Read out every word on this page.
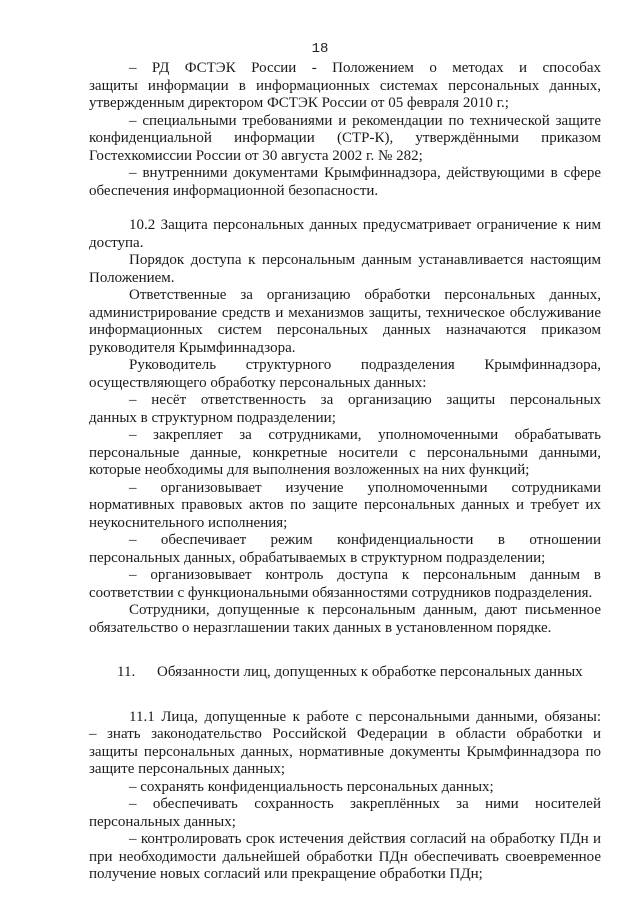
18

– РД ФСТЭК России - Положением о методах и способах

защиты информации в информационных системах персональных данных,

утвержденным директором ФСТЭК России от 05 февраля 2010 г.;

– специальными требованиями и рекомендации по технической защите

конфиденциальной информации (СТР-К), утверждёнными приказом

Гостехкомиссии России от 30 августа 2002 г. № 282;

– внутренними документами Крымфиннадзора, действующими в сфере

обеспечения информационной безопасности.

10.2 Защита персональных данных предусматривает ограничение к ним

доступа.

Порядок доступа к персональным данным устанавливается настоящим

Положением.

Ответственные за организацию обработки персональных данных,

администрирование средств и механизмов защиты, техническое обслуживание

информационных систем персональных данных назначаются приказом

руководителя Крымфиннадзора.

Руководитель структурного подразделения Крымфиннадзора,

осуществляющего обработку персональных данных:

– несёт ответственность за организацию защиты персональных

данных в структурном подразделении;

– закрепляет за сотрудниками, уполномоченными обрабатывать

персональные данные, конкретные носители с персональными данными,

которые необходимы для выполнения возложенных на них функций;

– организовывает изучение уполномоченными сотрудниками

нормативных правовых актов по защите персональных данных и требует их

неукоснительного исполнения;

– обеспечивает режим конфиденциальности в отношении

персональных данных, обрабатываемых в структурном подразделении;

– организовывает контроль доступа к персональным данным в

соответствии с функциональными обязанностями сотрудников подразделения.

Сотрудники, допущенные к персональным данным, дают письменное

обязательство о неразглашении таких данных в установленном порядке.

11. Обязанности лиц, допущенных к обработке персональных данных

11.1 Лица, допущенные к работе с персональными данными, обязаны:

– знать законодательство Российской Федерации в области обработки и

защиты персональных данных, нормативные документы Крымфиннадзора по

защите персональных данных;

– сохранять конфиденциальность персональных данных;

– обеспечивать сохранность закреплённых за ними носителей

персональных данных;

– контролировать срок истечения действия согласий на обработку ПДн и

при необходимости дальнейшей обработки ПДн обеспечивать своевременное

получение новых согласий или прекращение обработки ПДн;
